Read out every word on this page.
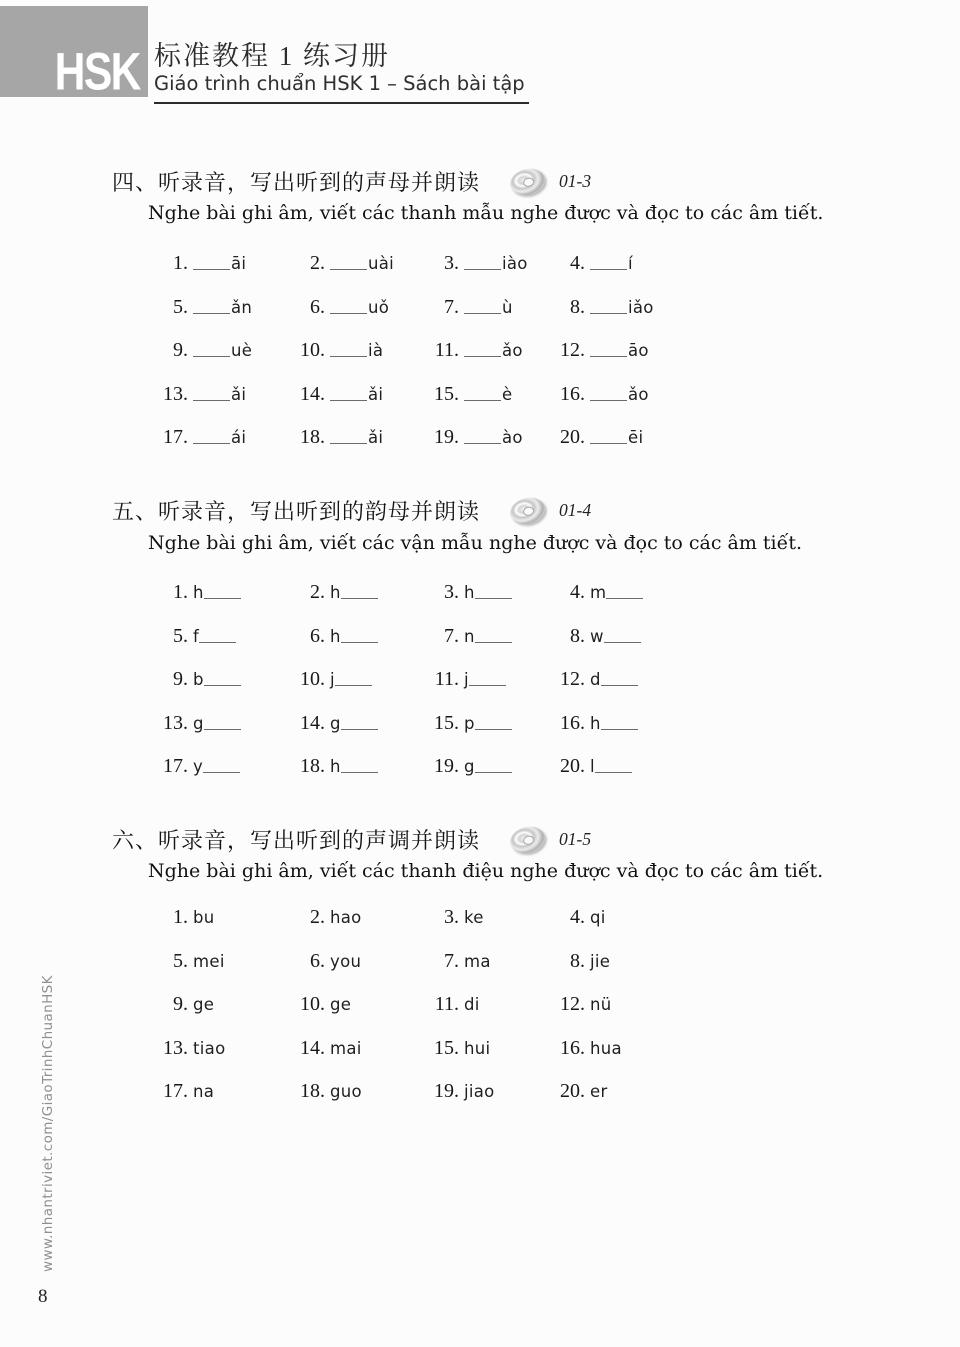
HSK 标准教程 1 练习册
Giáo trình chuẩn HSK 1 – Sách bài tập
四、听录音，写出听到的声母并朗读	01-3
Nghe bài ghi âm, viết các thanh mẫu nghe được và đọc to các âm tiết.
1.	āi	2.	uài	3.	iào	4.	í
5.	ǎn	6.	uǒ	7.	ù	8.	iǎo
9.	uè	10.	ià	11.	ǎo	12.	āo
13.	ǎi	14.	ǎi	15.	è	16.	ǎo
17.	ái	18.	ǎi	19.	ào	20.	ēi
五、听录音，写出听到的韵母并朗读	01-4
Nghe bài ghi âm, viết các vận mẫu nghe được và đọc to các âm tiết.
1. h	2. h	3. h	4. m
5. f	6. h	7. n	8. w
9. b	10. j	11. j	12. d
13. g	14. g	15. p	16. h
17. y	18. h	19. g	20. l
六、听录音，写出听到的声调并朗读	01-5
Nghe bài ghi âm, viết các thanh điệu nghe được và đọc to các âm tiết.
1. bu	2. hao	3. ke	4. qi
5. mei	6. you	7. ma	8. jie
9. ge	10. ge	11. di	12. nü
13. tiao	14. mai	15. hui	16. hua
17. na	18. guo	19. jiao	20. er
www.nhantriviet.com/GiaoTrinhChuanHSK
8
